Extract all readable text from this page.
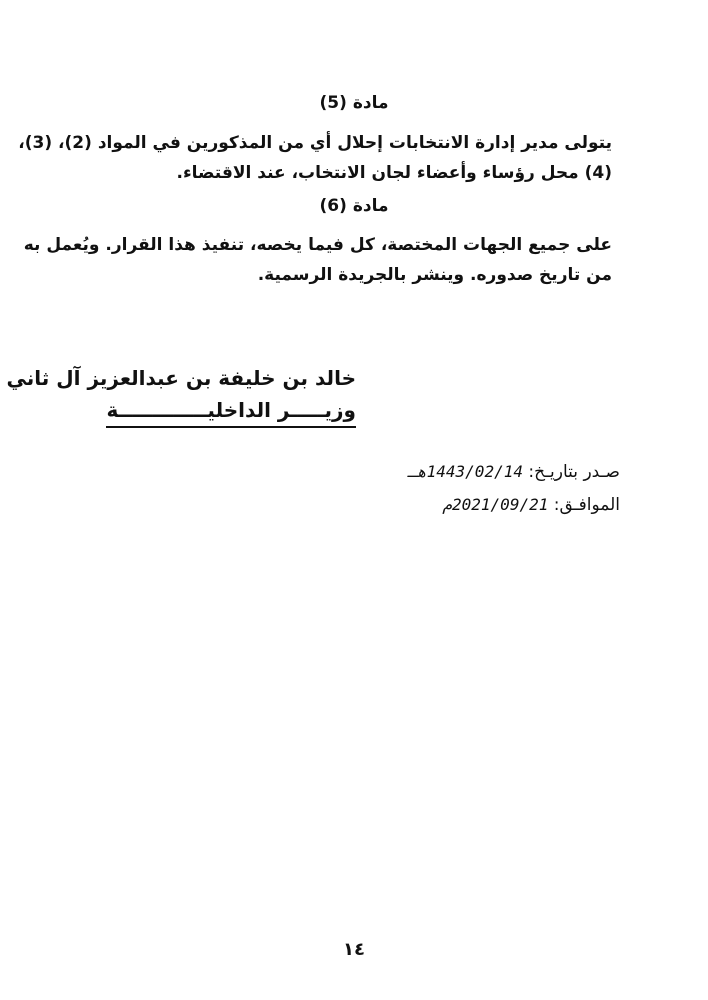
مادة (5)

يتولى مدير إدارة الانتخابات إحلال أي من المذكورين في المواد (2)، (3)،
(4) محل رؤساء وأعضاء لجان الانتخاب، عند الاقتضاء.

مادة (6)

على جميع الجهات المختصة، كل فيما يخصه، تنفيذ هذا القرار. ويُعمل به
من تاريخ صدوره. وينشر بالجريدة الرسمية.

خالد بن خليفة بن عبدالعزيز آل ثاني
وزيـــــر الداخليـــــــــــــة
صـدر بتاريـخ: 1443/02/14هـ
الموافـق: 2021/09/21م
١٤
